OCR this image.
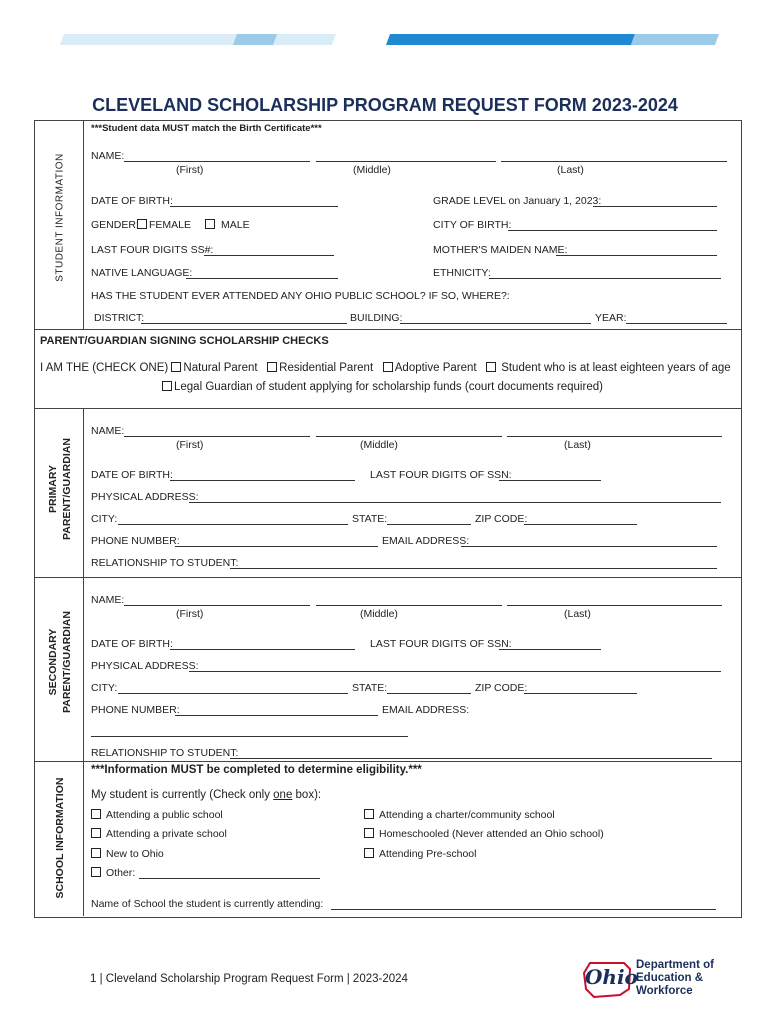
CLEVELAND SCHOLARSHIP PROGRAM REQUEST FORM 2023-2024
STUDENT INFORMATION
***Student data MUST match the Birth Certificate***
NAME:
(First)	(Middle)	(Last)
DATE OF BIRTH:	GRADE LEVEL on January 1, 2023:
GENDER: FEMALE	MALE	CITY OF BIRTH:
LAST FOUR DIGITS SS#:	MOTHER'S MAIDEN NAME:
NATIVE LANGUAGE:	ETHNICITY:
HAS THE STUDENT EVER ATTENDED ANY OHIO PUBLIC SCHOOL? IF SO, WHERE?:
DISTRICT:	BUILDING:	YEAR:
PARENT/GUARDIAN SIGNING SCHOLARSHIP CHECKS
I AM THE (CHECK ONE) Natural Parent Residential Parent Adoptive Parent Student who is at least eighteen years of age
Legal Guardian of student applying for scholarship funds (court documents required)
PRIMARY PARENT/GUARDIAN
NAME:
(First)	(Middle)	(Last)
DATE OF BIRTH:	LAST FOUR DIGITS OF SSN:
PHYSICAL ADDRESS:
CITY:	STATE:	ZIP CODE:
PHONE NUMBER:	EMAIL ADDRESS:
RELATIONSHIP TO STUDENT:
SECONDARY PARENT/GUARDIAN
NAME:
(First)	(Middle)	(Last)
DATE OF BIRTH:	LAST FOUR DIGITS OF SSN:
PHYSICAL ADDRESS:
CITY:	STATE:	ZIP CODE:
PHONE NUMBER:	EMAIL ADDRESS:
RELATIONSHIP TO STUDENT:
SCHOOL INFORMATION
***Information MUST be completed to determine eligibility.***
My student is currently (Check only one box):
Attending a public school	Attending a charter/community school
Attending a private school	Homeschooled (Never attended an Ohio school)
New to Ohio	Attending Pre-school
Other:
Name of School the student is currently attending:
1 | Cleveland Scholarship Program Request Form | 2023-2024	Ohio
Department of
Education &
Workforce
